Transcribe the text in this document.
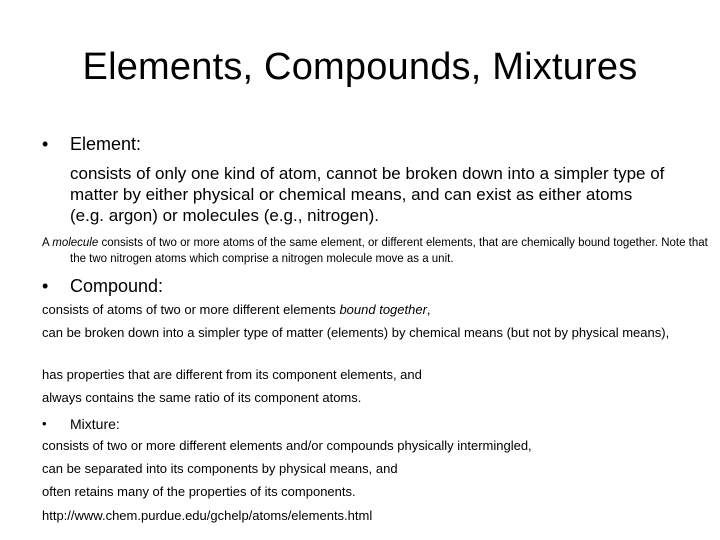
Elements, Compounds, Mixtures
•	Element:
consists of only one kind of atom, cannot be broken down into a simpler type of matter by either physical or chemical means, and can exist as either atoms (e.g. argon) or molecules (e.g., nitrogen).
A molecule consists of two or more atoms of the same element, or different elements, that are chemically bound together. Note that the two nitrogen atoms which comprise a nitrogen molecule move as a unit.
•	Compound:
consists of atoms of two or more different elements bound together,
can be broken down into a simpler type of matter (elements) by chemical means (but not by physical means),
has properties that are different from its component elements, and
always contains the same ratio of its component atoms.
•	Mixture:
consists of two or more different elements and/or compounds physically intermingled,
can be separated into its components by physical means, and
often retains many of the properties of its components.
http://www.chem.purdue.edu/gchelp/atoms/elements.html
